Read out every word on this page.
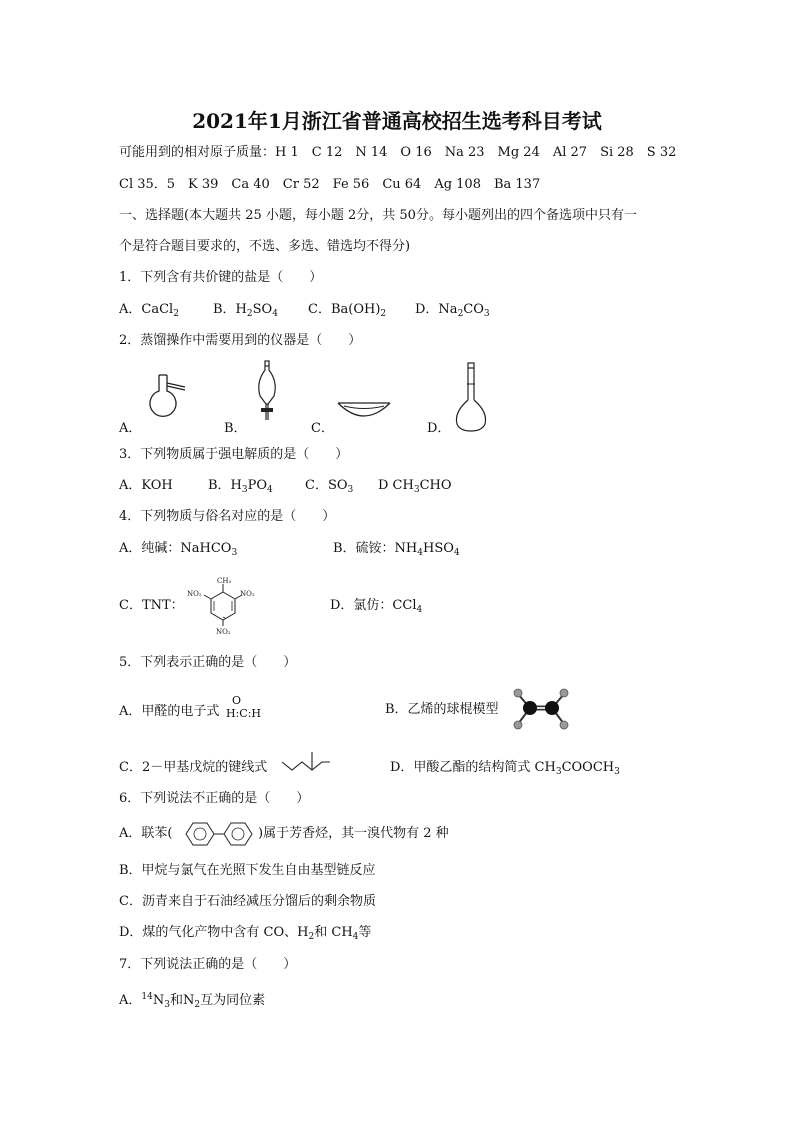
2021年1月浙江省普通高校招生选考科目考试
可能用到的相对原子质量：H 1　C 12　N 14　O 16　Na 23　Mg 24　Al 27　Si 28　S 32
Cl 35．5　K 39　Ca 40　Cr 52　Fe 56　Cu 64　Ag 108　Ba 137
一、选择题(本大题共 25 小题，每小题 2分，共 50分。每小题列出的四个备选项中只有一
个是符合题目要求的，不选、多选、错选均不得分)
1．下列含有共价键的盐是（　　）
A．CaCl$_2$	B．$H_2SO_4$ C．$Ba(OH)_2$ D．$Na_2CO_3$
2．蒸馏操作中需要用到的仪器是（　　）
A．	B．	C．	D．
3．下列物质属于强电解质的是（　　）
A．KOH	B．$H_3PO_4$ C．$SO_3$ D $CH_3CHO$
4．下列物质与俗名对应的是（　　）
A．纯碱：NaHCO$_3$	B．硫铵：$NH_4HSO_4$
C．TNT：	D．氯仿：CCl$_4$
CH₃
NO₂	NO₂
NO₂
5．下列表示正确的是（　　）
A．甲醛的电子式
O
H:C:H	B．乙烯的球棍模型
C．2－甲基戊烷的键线式	D．甲酸乙酯的结构简式 $CH_3COOCH_3$
6．下列说法不正确的是（　　）
A．联苯(	)属于芳香烃，其一溴代物有 2 种
B．甲烷与氯气在光照下发生自由基型链反应
C．沥青来自于石油经减压分馏后的剩余物质
D．煤的气化产物中含有 CO、$H_2$和 $CH_4$等
7．下列说法正确的是（　　）
A．$^{14}N_3$和$N_2$互为同位素
